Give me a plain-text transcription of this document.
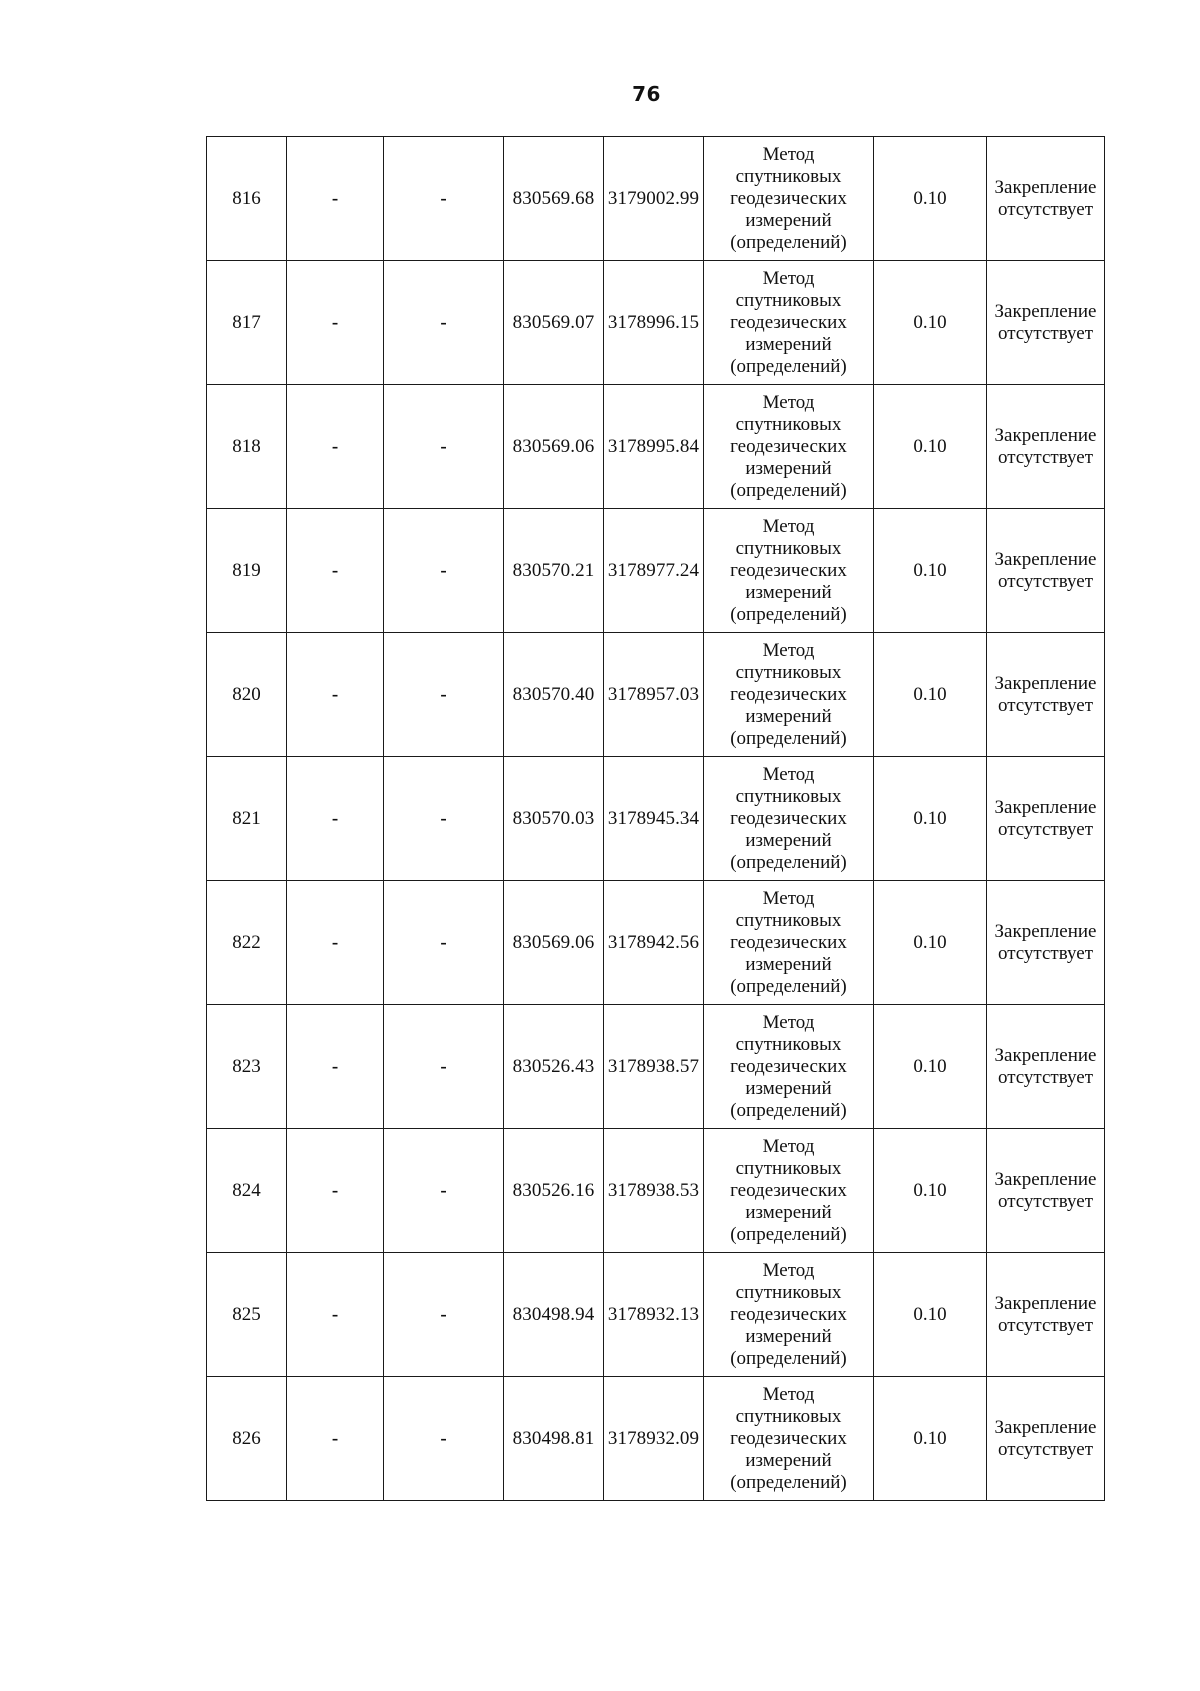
76
816	-	-	830569.68	3179002.99	Метод
спутниковых
геодезических
измерений
(определений)	0.10	Закрепление
отсутствует

817	-	-	830569.07	3178996.15	Метод
спутниковых
геодезических
измерений
(определений)	0.10	Закрепление
отсутствует

818	-	-	830569.06	3178995.84	Метод
спутниковых
геодезических
измерений
(определений)	0.10	Закрепление
отсутствует

819	-	-	830570.21	3178977.24	Метод
спутниковых
геодезических
измерений
(определений)	0.10	Закрепление
отсутствует

820	-	-	830570.40	3178957.03	Метод
спутниковых
геодезических
измерений
(определений)	0.10	Закрепление
отсутствует

821	-	-	830570.03	3178945.34	Метод
спутниковых
геодезических
измерений
(определений)	0.10	Закрепление
отсутствует

822	-	-	830569.06	3178942.56	Метод
спутниковых
геодезических
измерений
(определений)	0.10	Закрепление
отсутствует

823	-	-	830526.43	3178938.57	Метод
спутниковых
геодезических
измерений
(определений)	0.10	Закрепление
отсутствует

824	-	-	830526.16	3178938.53	Метод
спутниковых
геодезических
измерений
(определений)	0.10	Закрепление
отсутствует

825	-	-	830498.94	3178932.13	Метод
спутниковых
геодезических
измерений
(определений)	0.10	Закрепление
отсутствует

826	-	-	830498.81	3178932.09	Метод
спутниковых
геодезических
измерений
(определений)	0.10	Закрепление
отсутствует
